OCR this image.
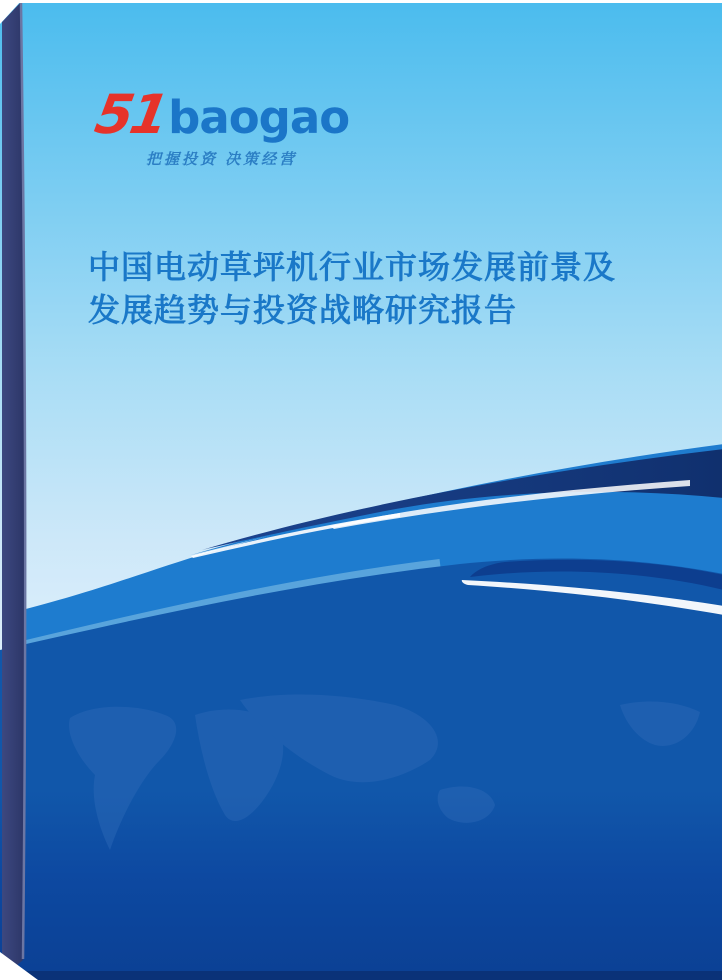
51
baogao
把握投资 决策经营
中国电动草坪机行业市场发展前景及
发展趋势与投资战略研究报告
